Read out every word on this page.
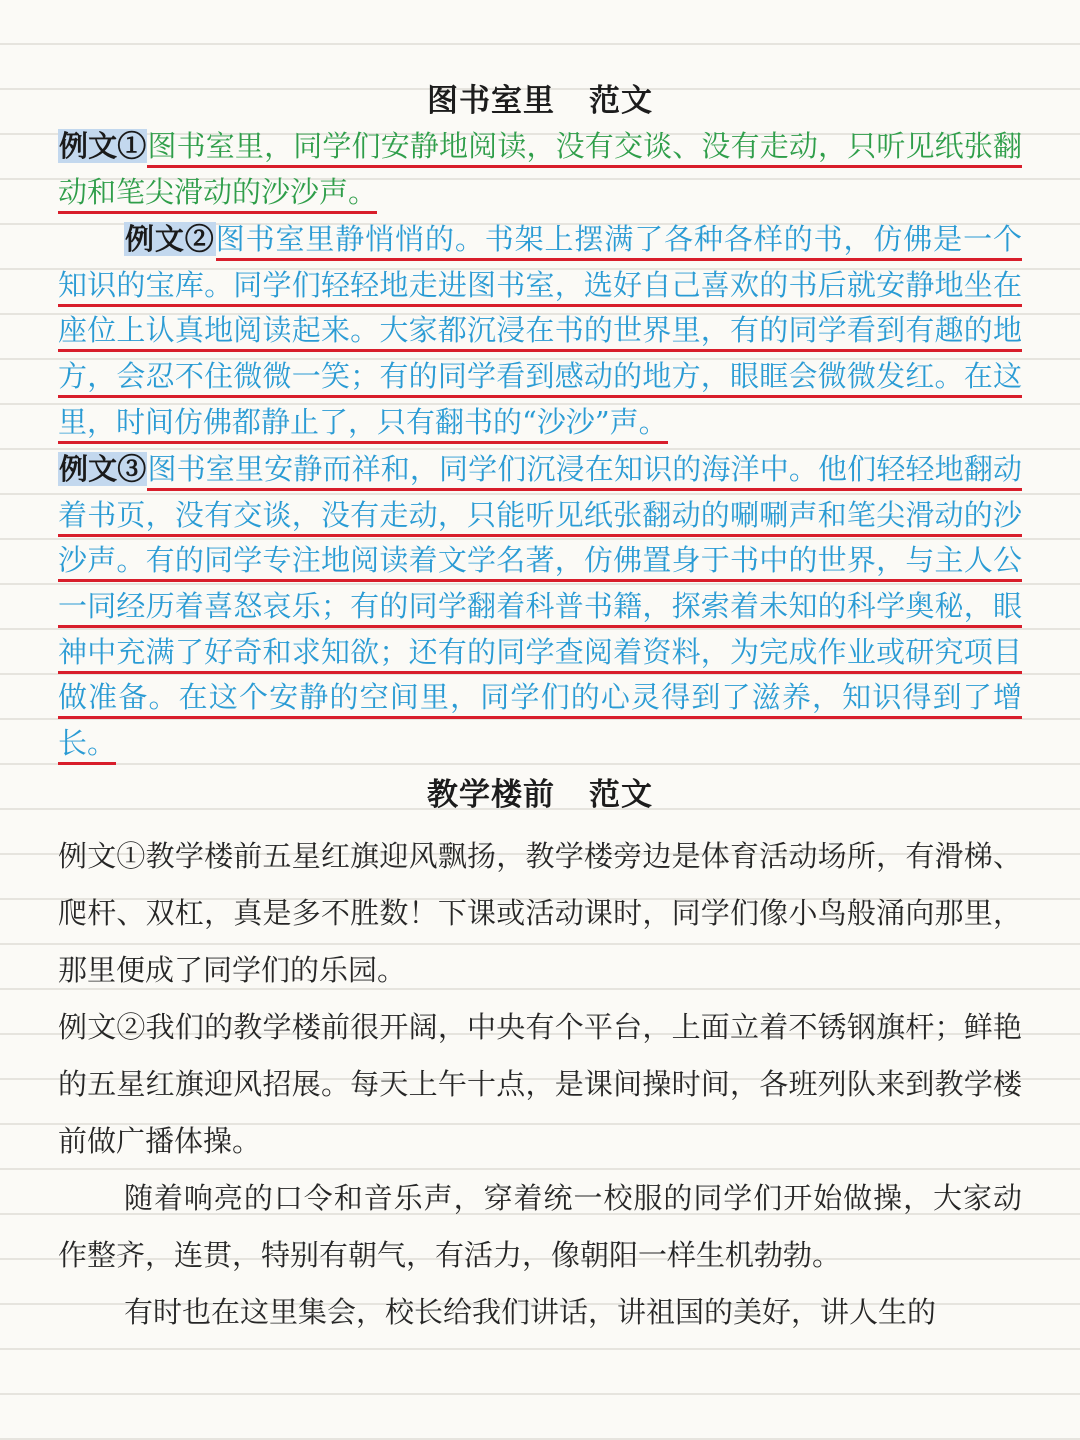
图书室里 范文

例文①图书室里，同学们安静地阅读，没有交谈、没有走动，只听见纸张翻动和笔尖滑动的沙沙声。

例文②图书室里静悄悄的。书架上摆满了各种各样的书，仿佛是一个知识的宝库。同学们轻轻地走进图书室，选好自己喜欢的书后就安静地坐在座位上认真地阅读起来。大家都沉浸在书的世界里，有的同学看到有趣的地方，会忍不住微微一笑；有的同学看到感动的地方，眼眶会微微发红。在这里，时间仿佛都静止了，只有翻书的“沙沙”声。

例文③图书室里安静而祥和，同学们沉浸在知识的海洋中。他们轻轻地翻动着书页，没有交谈，没有走动，只能听见纸张翻动的唰唰声和笔尖滑动的沙沙声。有的同学专注地阅读着文学名著，仿佛置身于书中的世界，与主人公一同经历着喜怒哀乐；有的同学翻着科普书籍，探索着未知的科学奥秘，眼神中充满了好奇和求知欲；还有的同学查阅着资料，为完成作业或研究项目做准备。在这个安静的空间里，同学们的心灵得到了滋养，知识得到了增长。

教学楼前 范文

例文①教学楼前五星红旗迎风飘扬，教学楼旁边是体育活动场所，有滑梯、爬杆、双杠，真是多不胜数！下课或活动课时，同学们像小鸟般涌向那里，那里便成了同学们的乐园。

例文②我们的教学楼前很开阔，中央有个平台，上面立着不锈钢旗杆；鲜艳的五星红旗迎风招展。每天上午十点，是课间操时间，各班列队来到教学楼前做广播体操。

随着响亮的口令和音乐声，穿着统一校服的同学们开始做操，大家动作整齐，连贯，特别有朝气，有活力，像朝阳一样生机勃勃。

有时也在这里集会，校长给我们讲话，讲祖国的美好，讲人生的
